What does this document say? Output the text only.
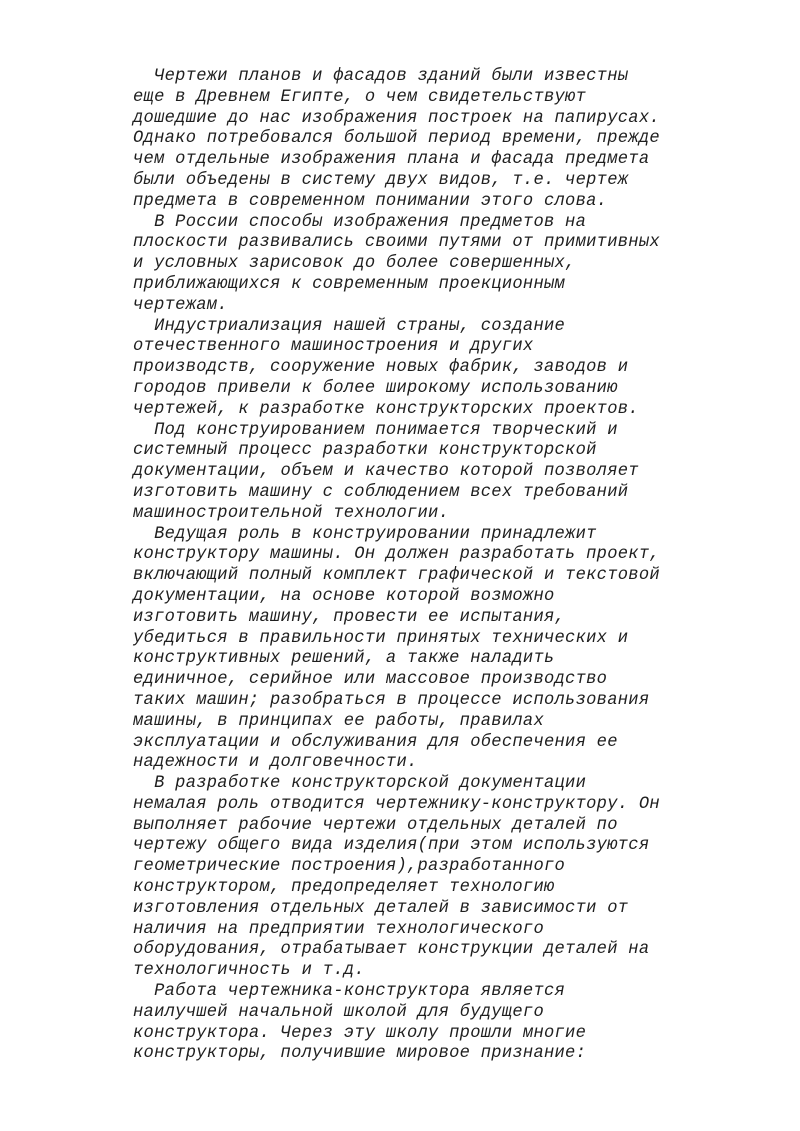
Чертежи планов и фасадов зданий были известны
еще в Древнем Египте, о чем свидетельствуют
дошедшие до нас изображения построек на папирусах.
Однако потребовался большой период времени, прежде
чем отдельные изображения плана и фасада предмета
были объедены в систему двух видов, т.е. чертеж
предмета в современном понимании этого слова.
В России способы изображения предметов на
плоскости развивались своими путями от примитивных
и условных зарисовок до более совершенных,
приближающихся к современным проекционным
чертежам.
Индустриализация нашей страны, создание
отечественного машиностроения и других
производств, сооружение новых фабрик, заводов и
городов привели к более широкому использованию
чертежей, к разработке конструкторских проектов.
Под конструированием понимается творческий и
системный процесс разработки конструкторской
документации, объем и качество которой позволяет
изготовить машину с соблюдением всех требований
машиностроительной технологии.
Ведущая роль в конструировании принадлежит
конструктору машины. Он должен разработать проект,
включающий полный комплект графической и текстовой
документации, на основе которой возможно
изготовить машину, провести ее испытания,
убедиться в правильности принятых технических и
конструктивных решений, а также наладить
единичное, серийное или массовое производство
таких машин; разобраться в процессе использования
машины, в принципах ее работы, правилах
эксплуатации и обслуживания для обеспечения ее
надежности и долговечности.
В разработке конструкторской документации
немалая роль отводится чертежнику-конструктору. Он
выполняет рабочие чертежи отдельных деталей по
чертежу общего вида изделия(при этом используются
геометрические построения),разработанного
конструктором, предопределяет технологию
изготовления отдельных деталей в зависимости от
наличия на предприятии технологического
оборудования, отрабатывает конструкции деталей на
технологичность и т.д.
Работа чертежника-конструктора является
наилучшей начальной школой для будущего
конструктора. Через эту школу прошли многие
конструкторы, получившие мировое признание:
